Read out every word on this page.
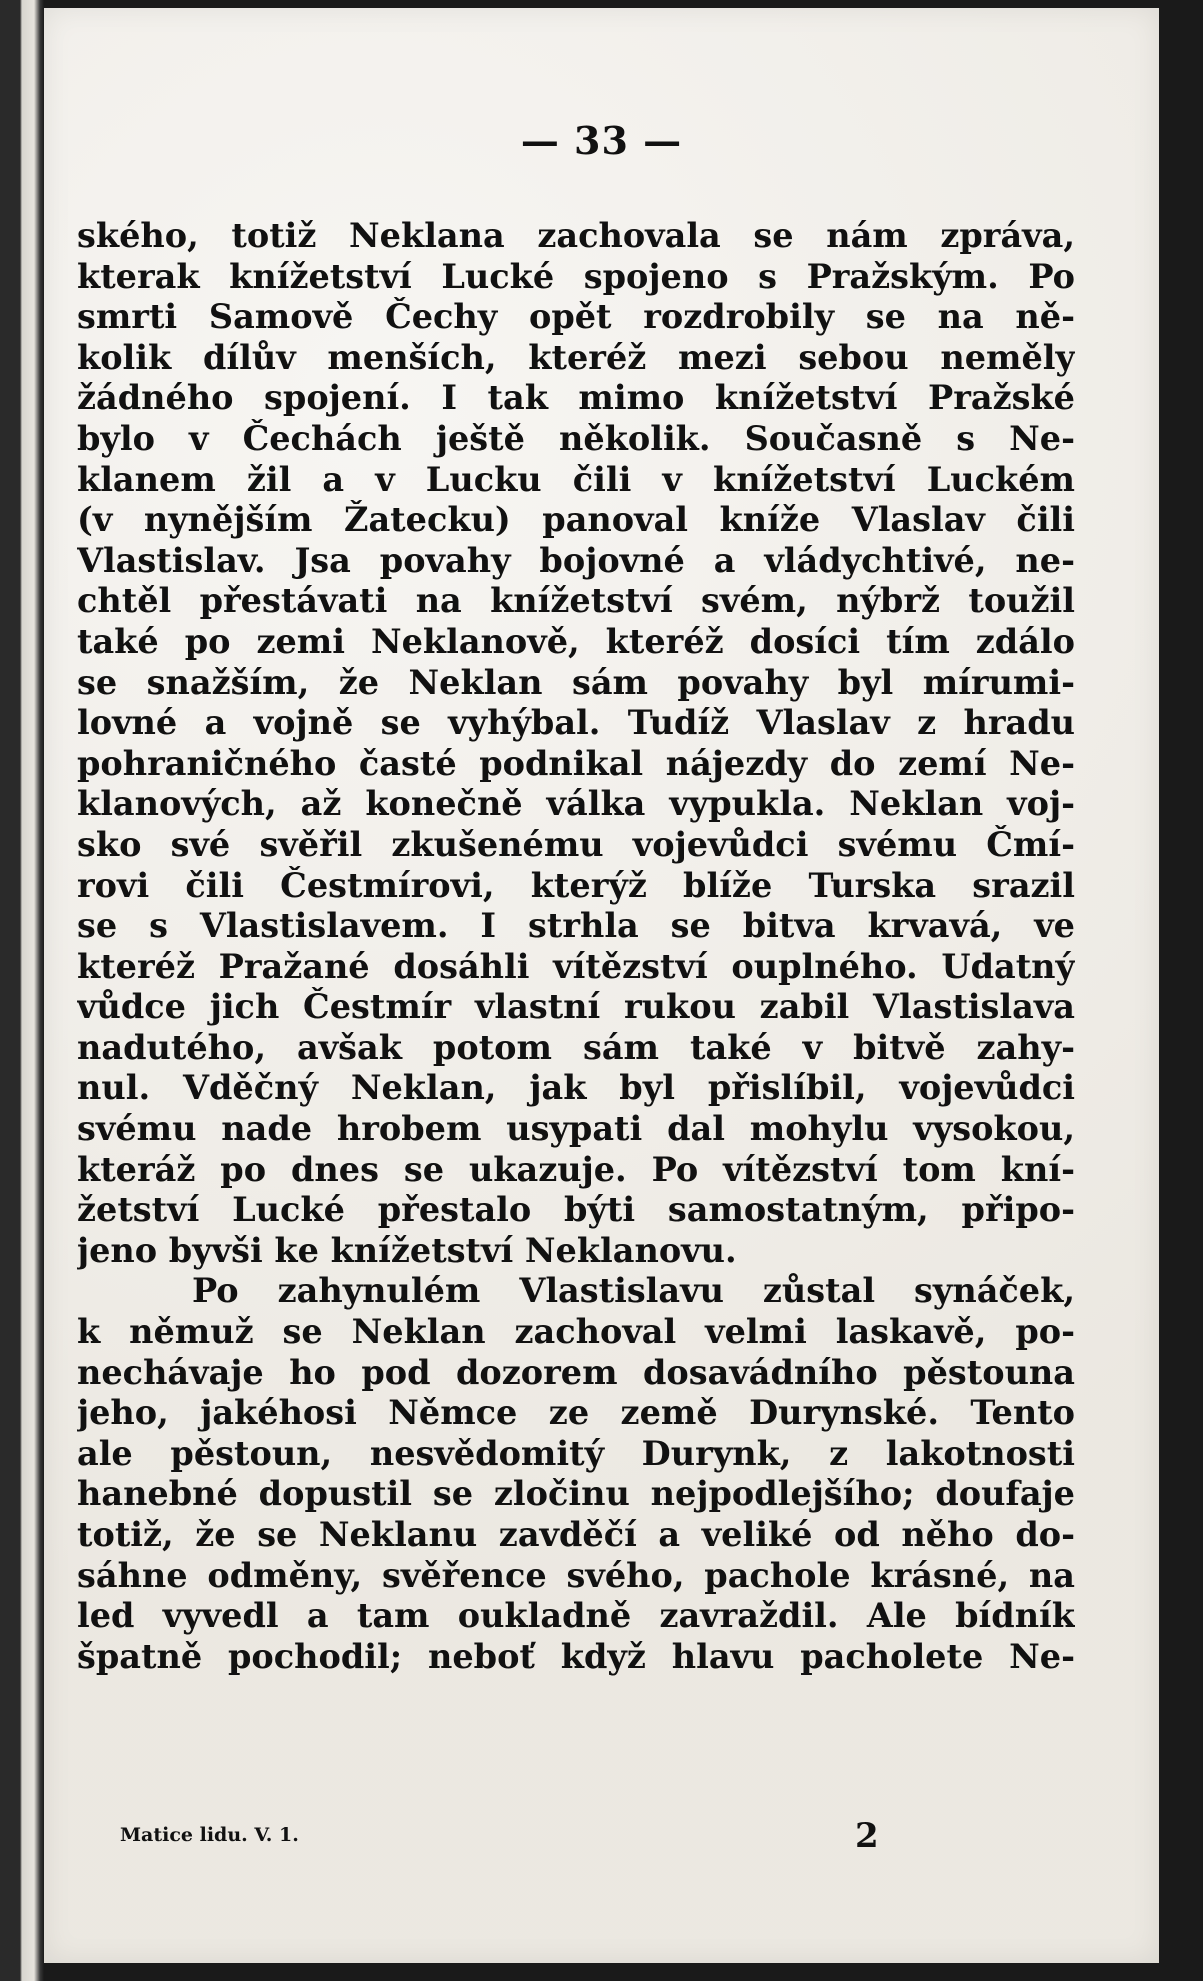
— 33 —
ského, totiž Neklana zachovala se nám zpráva,
kterak knížetství Lucké spojeno s Pražským. Po
smrti Samově Čechy opět rozdrobily se na ně-
kolik dílův menších, kteréž mezi sebou neměly
žádného spojení. I tak mimo knížetství Pražské
bylo v Čechách ještě několik. Současně s Ne-
klanem žil a v Lucku čili v knížetství Luckém
(v nynějším Žatecku) panoval kníže Vlaslav čili
Vlastislav. Jsa povahy bojovné a vládychtivé, ne-
chtěl přestávati na knížetství svém, nýbrž toužil
také po zemi Neklanově, kteréž dosíci tím zdálo
se snažším, že Neklan sám povahy byl mírumi-
lovné a vojně se vyhýbal. Tudíž Vlaslav z hradu
pohraničného časté podnikal nájezdy do zemí Ne-
klanových, až konečně válka vypukla. Neklan voj-
sko své svěřil zkušenému vojevůdci svému Čmí-
rovi čili Čestmírovi, kterýž blíže Turska srazil
se s Vlastislavem. I strhla se bitva krvavá, ve
kteréž Pražané dosáhli vítězství ouplného. Udatný
vůdce jich Čestmír vlastní rukou zabil Vlastislava
nadutého, avšak potom sám také v bitvě zahy-
nul. Vděčný Neklan, jak byl přislíbil, vojevůdci
svému nade hrobem usypati dal mohylu vysokou,
kteráž po dnes se ukazuje. Po vítězství tom kní-
žetství Lucké přestalo býti samostatným, připo-
jeno byvši ke knížetství Neklanovu.
Po zahynulém Vlastislavu zůstal synáček,
k němuž se Neklan zachoval velmi laskavě, po-
nechávaje ho pod dozorem dosavádního pěstouna
jeho, jakéhosi Němce ze země Durynské. Tento
ale pěstoun, nesvědomitý Durynk, z lakotnosti
hanebné dopustil se zločinu nejpodlejšího; doufaje
totiž, že se Neklanu zavděčí a veliké od něho do-
sáhne odměny, svěřence svého, pachole krásné, na
led vyvedl a tam oukladně zavraždil. Ale bídník
špatně pochodil; neboť když hlavu pacholete Ne-
Matice lidu. V. 1.	2
